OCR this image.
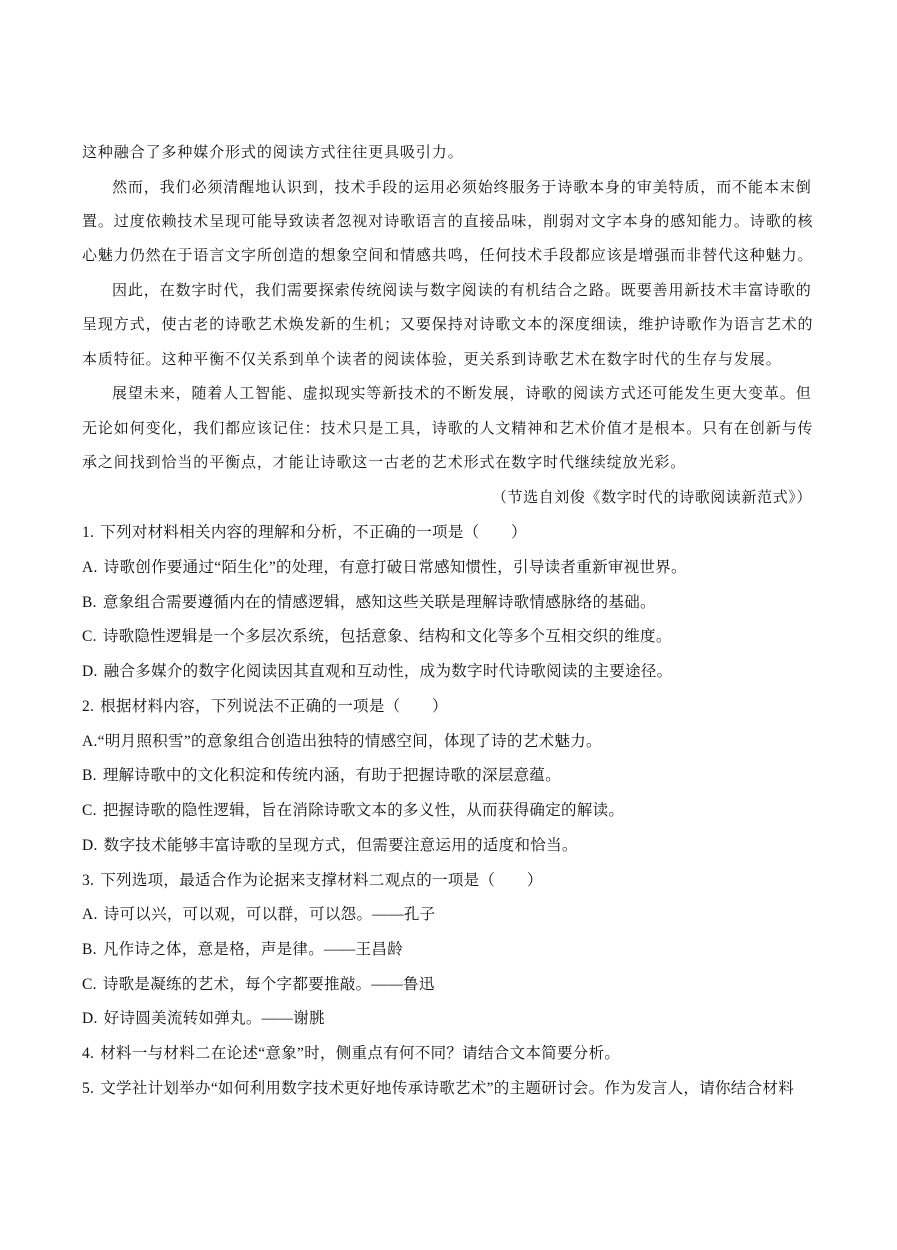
这种融合了多种媒介形式的阅读方式往往更具吸引力。
然而，我们必须清醒地认识到，技术手段的运用必须始终服务于诗歌本身的审美特质，而不能本末倒
置。过度依赖技术呈现可能导致读者忽视对诗歌语言的直接品味，削弱对文字本身的感知能力。诗歌的核
心魅力仍然在于语言文字所创造的想象空间和情感共鸣，任何技术手段都应该是增强而非替代这种魅力。
因此，在数字时代，我们需要探索传统阅读与数字阅读的有机结合之路。既要善用新技术丰富诗歌的
呈现方式，使古老的诗歌艺术焕发新的生机；又要保持对诗歌文本的深度细读，维护诗歌作为语言艺术的
本质特征。这种平衡不仅关系到单个读者的阅读体验，更关系到诗歌艺术在数字时代的生存与发展。
展望未来，随着人工智能、虚拟现实等新技术的不断发展，诗歌的阅读方式还可能发生更大变革。但
无论如何变化，我们都应该记住：技术只是工具，诗歌的人文精神和艺术价值才是根本。只有在创新与传
承之间找到恰当的平衡点，才能让诗歌这一古老的艺术形式在数字时代继续绽放光彩。
（节选自刘俊《数字时代的诗歌阅读新范式》）
1. 下列对材料相关内容的理解和分析，不正确的一项是（　　）
A. 诗歌创作要通过“陌生化”的处理，有意打破日常感知惯性，引导读者重新审视世界。
B. 意象组合需要遵循内在的情感逻辑，感知这些关联是理解诗歌情感脉络的基础。
C. 诗歌隐性逻辑是一个多层次系统，包括意象、结构和文化等多个互相交织的维度。
D. 融合多媒介的数字化阅读因其直观和互动性，成为数字时代诗歌阅读的主要途径。
2. 根据材料内容，下列说法不正确的一项是（　　）
A.“明月照积雪”的意象组合创造出独特的情感空间，体现了诗的艺术魅力。
B. 理解诗歌中的文化积淀和传统内涵，有助于把握诗歌的深层意蕴。
C. 把握诗歌的隐性逻辑，旨在消除诗歌文本的多义性，从而获得确定的解读。
D. 数字技术能够丰富诗歌的呈现方式，但需要注意运用的适度和恰当。
3. 下列选项，最适合作为论据来支撑材料二观点的一项是（　　）
A. 诗可以兴，可以观，可以群，可以怨。——孔子
B. 凡作诗之体，意是格，声是律。——王昌龄
C. 诗歌是凝练的艺术，每个字都要推敲。——鲁迅
D. 好诗圆美流转如弹丸。——谢朓
4. 材料一与材料二在论述“意象”时，侧重点有何不同？请结合文本简要分析。
5. 文学社计划举办“如何利用数字技术更好地传承诗歌艺术”的主题研讨会。作为发言人，请你结合材料
